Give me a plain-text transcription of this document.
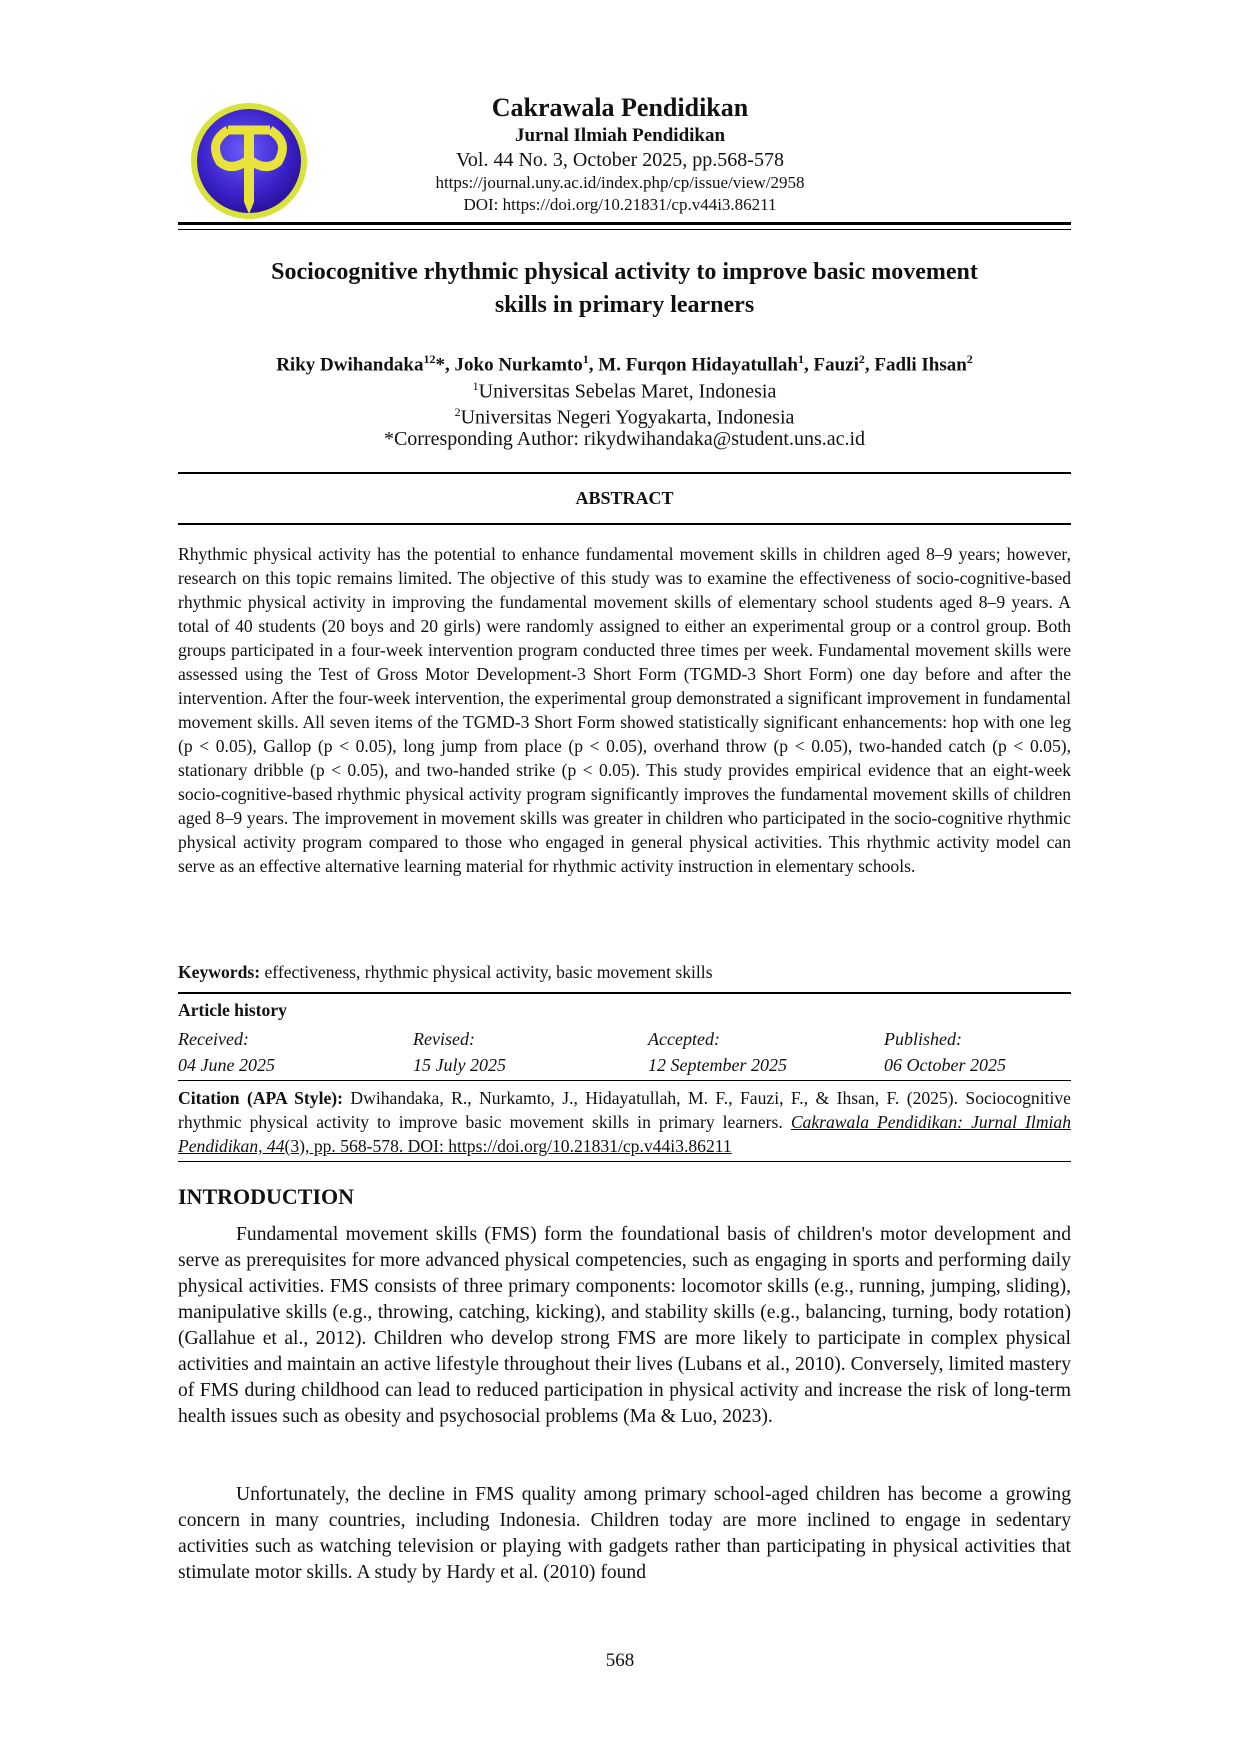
Cakrawala Pendidikan
Jurnal Ilmiah Pendidikan
Vol. 44 No. 3, October 2025, pp.568-578
https://journal.uny.ac.id/index.php/cp/issue/view/2958
DOI: https://doi.org/10.21831/cp.v44i3.86211
Sociocognitive rhythmic physical activity to improve basic movement
skills in primary learners
Riky Dwihandaka$^{12}$*, Joko Nurkamto$^1$, M. Furqon Hidayatullah$^1$, Fauzi$^2$, Fadli Ihsan$^2$
$^1$Universitas Sebelas Maret, Indonesia
$^2$Universitas Negeri Yogyakarta, Indonesia
*Corresponding Author: rikydwihandaka@student.uns.ac.id
ABSTRACT
Rhythmic physical activity has the potential to enhance fundamental movement skills in children aged 8–9 years; however, research on this topic remains limited. The objective of this study was to examine the effectiveness of socio-cognitive-based rhythmic physical activity in improving the fundamental movement skills of elementary school students aged 8–9 years. A total of 40 students (20 boys and 20 girls) were randomly assigned to either an experimental group or a control group. Both groups participated in a four-week intervention program conducted three times per week. Fundamental movement skills were assessed using the Test of Gross Motor Development-3 Short Form (TGMD-3 Short Form) one day before and after the intervention. After the four-week intervention, the experimental group demonstrated a significant improvement in fundamental movement skills. All seven items of the TGMD-3 Short Form showed statistically significant enhancements: hop with one leg (p < 0.05), Gallop (p < 0.05), long jump from place (p < 0.05), overhand throw (p < 0.05), two-handed catch (p < 0.05), stationary dribble (p < 0.05), and two-handed strike (p < 0.05). This study provides empirical evidence that an eight-week socio-cognitive-based rhythmic physical activity program significantly improves the fundamental movement skills of children aged 8–9 years. The improvement in movement skills was greater in children who participated in the socio-cognitive rhythmic physical activity program compared to those who engaged in general physical activities. This rhythmic activity model can serve as an effective alternative learning material for rhythmic activity instruction in elementary schools.
Keywords: effectiveness, rhythmic physical activity, basic movement skills
Article history
Received:
04 June 2025
Revised:
15 July 2025
Accepted:
12 September 2025
Published:
06 October 2025
Citation (APA Style): Dwihandaka, R., Nurkamto, J., Hidayatullah, M. F., Fauzi, F., & Ihsan, F. (2025). Sociocognitive rhythmic physical activity to improve basic movement skills in primary learners. Cakrawala Pendidikan: Jurnal Ilmiah Pendidikan, 44(3), pp. 568-578. DOI: https://doi.org/10.21831/cp.v44i3.86211
INTRODUCTION
Fundamental movement skills (FMS) form the foundational basis of children's motor development and serve as prerequisites for more advanced physical competencies, such as engaging in sports and performing daily physical activities. FMS consists of three primary components: locomotor skills (e.g., running, jumping, sliding), manipulative skills (e.g., throwing, catching, kicking), and stability skills (e.g., balancing, turning, body rotation) (Gallahue et al., 2012). Children who develop strong FMS are more likely to participate in complex physical activities and maintain an active lifestyle throughout their lives (Lubans et al., 2010). Conversely, limited mastery of FMS during childhood can lead to reduced participation in physical activity and increase the risk of long-term health issues such as obesity and psychosocial problems (Ma & Luo, 2023).
Unfortunately, the decline in FMS quality among primary school-aged children has become a growing concern in many countries, including Indonesia. Children today are more inclined to engage in sedentary activities such as watching television or playing with gadgets rather than participating in physical activities that stimulate motor skills. A study by Hardy et al. (2010) found
568
